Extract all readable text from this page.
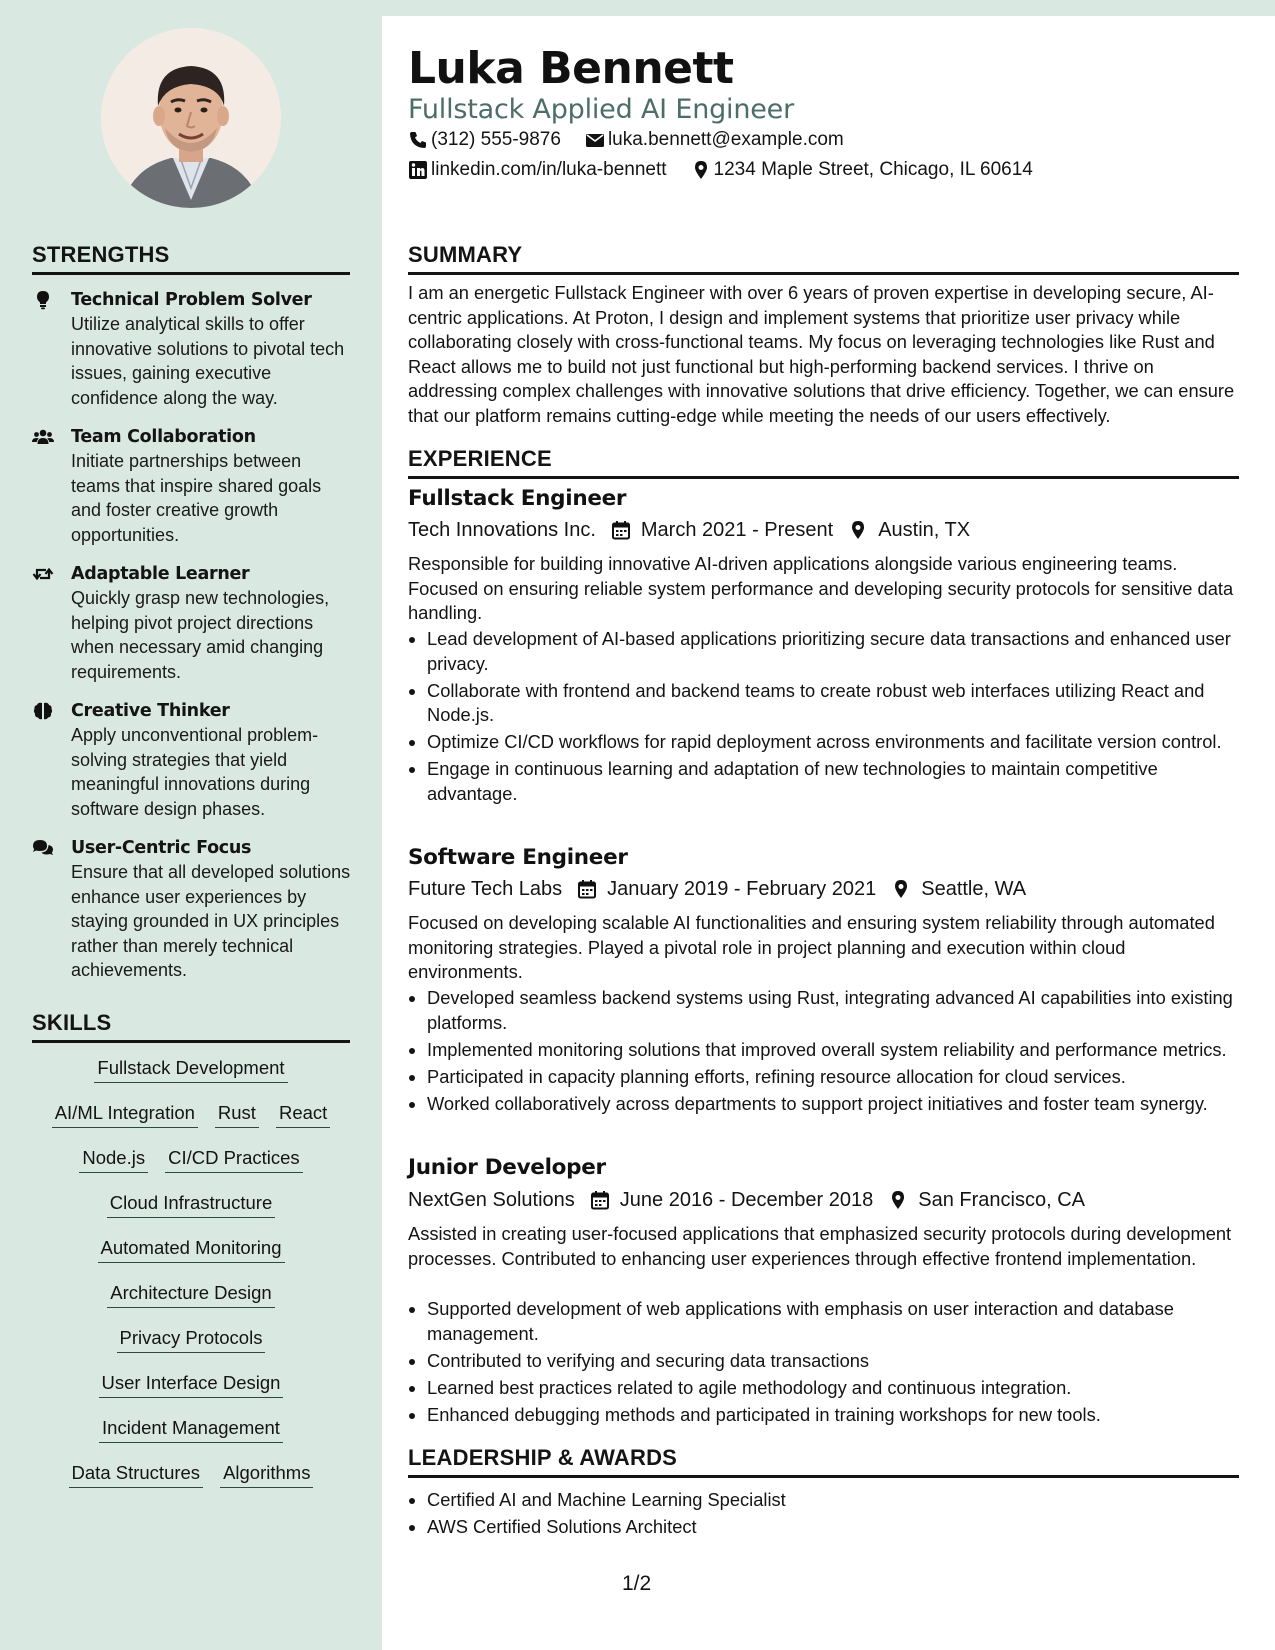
Luka Bennett
Fullstack Applied AI Engineer
(312) 555-9876 luka.bennett@example.com
linkedin.com/in/luka-bennett 1234 Maple Street, Chicago, IL 60614
STRENGTHS
Technical Problem Solver
Utilize analytical skills to offer innovative solutions to pivotal tech issues, gaining executive confidence along the way.
Team Collaboration
Initiate partnerships between teams that inspire shared goals and foster creative growth opportunities.
Adaptable Learner
Quickly grasp new technologies, helping pivot project directions when necessary amid changing requirements.
Creative Thinker
Apply unconventional problem-solving strategies that yield meaningful innovations during software design phases.
User-Centric Focus
Ensure that all developed solutions enhance user experiences by staying grounded in UX principles rather than merely technical achievements.
SKILLS
Fullstack Development
AI/ML Integration Rust React
Node.js CI/CD Practices
Cloud Infrastructure
Automated Monitoring
Architecture Design
Privacy Protocols
User Interface Design
Incident Management
Data Structures Algorithms
SUMMARY

I am an energetic Fullstack Engineer with over 6 years of proven expertise in developing secure, AI-centric applications. At Proton, I design and implement systems that prioritize user privacy while collaborating closely with cross-functional teams. My focus on leveraging technologies like Rust and React allows me to build not just functional but high-performing backend services. I thrive on addressing complex challenges with innovative solutions that drive efficiency. Together, we can ensure that our platform remains cutting-edge while meeting the needs of our users effectively.

EXPERIENCE
Fullstack Engineer
Tech Innovations Inc. March 2021 - Present Austin, TX

Responsible for building innovative AI-driven applications alongside various engineering teams. Focused on ensuring reliable system performance and developing security protocols for sensitive data handling.

Lead development of AI-based applications prioritizing secure data transactions and enhanced user privacy.
Collaborate with frontend and backend teams to create robust web interfaces utilizing React and Node.js.
Optimize CI/CD workflows for rapid deployment across environments and facilitate version control.
Engage in continuous learning and adaptation of new technologies to maintain competitive advantage.
Software Engineer
Future Tech Labs January 2019 - February 2021 Seattle, WA

Focused on developing scalable AI functionalities and ensuring system reliability through automated monitoring strategies. Played a pivotal role in project planning and execution within cloud environments.

Developed seamless backend systems using Rust, integrating advanced AI capabilities into existing platforms.
Implemented monitoring solutions that improved overall system reliability and performance metrics.
Participated in capacity planning efforts, refining resource allocation for cloud services.
Worked collaboratively across departments to support project initiatives and foster team synergy.
Junior Developer
NextGen Solutions June 2016 - December 2018 San Francisco, CA

Assisted in creating user-focused applications that emphasized security protocols during development processes. Contributed to enhancing user experiences through effective frontend implementation.

Supported development of web applications with emphasis on user interaction and database management.
Contributed to verifying and securing data transactions
Learned best practices related to agile methodology and continuous integration.
Enhanced debugging methods and participated in training workshops for new tools.
LEADERSHIP & AWARDS
Certified AI and Machine Learning Specialist
AWS Certified Solutions Architect
1/2
